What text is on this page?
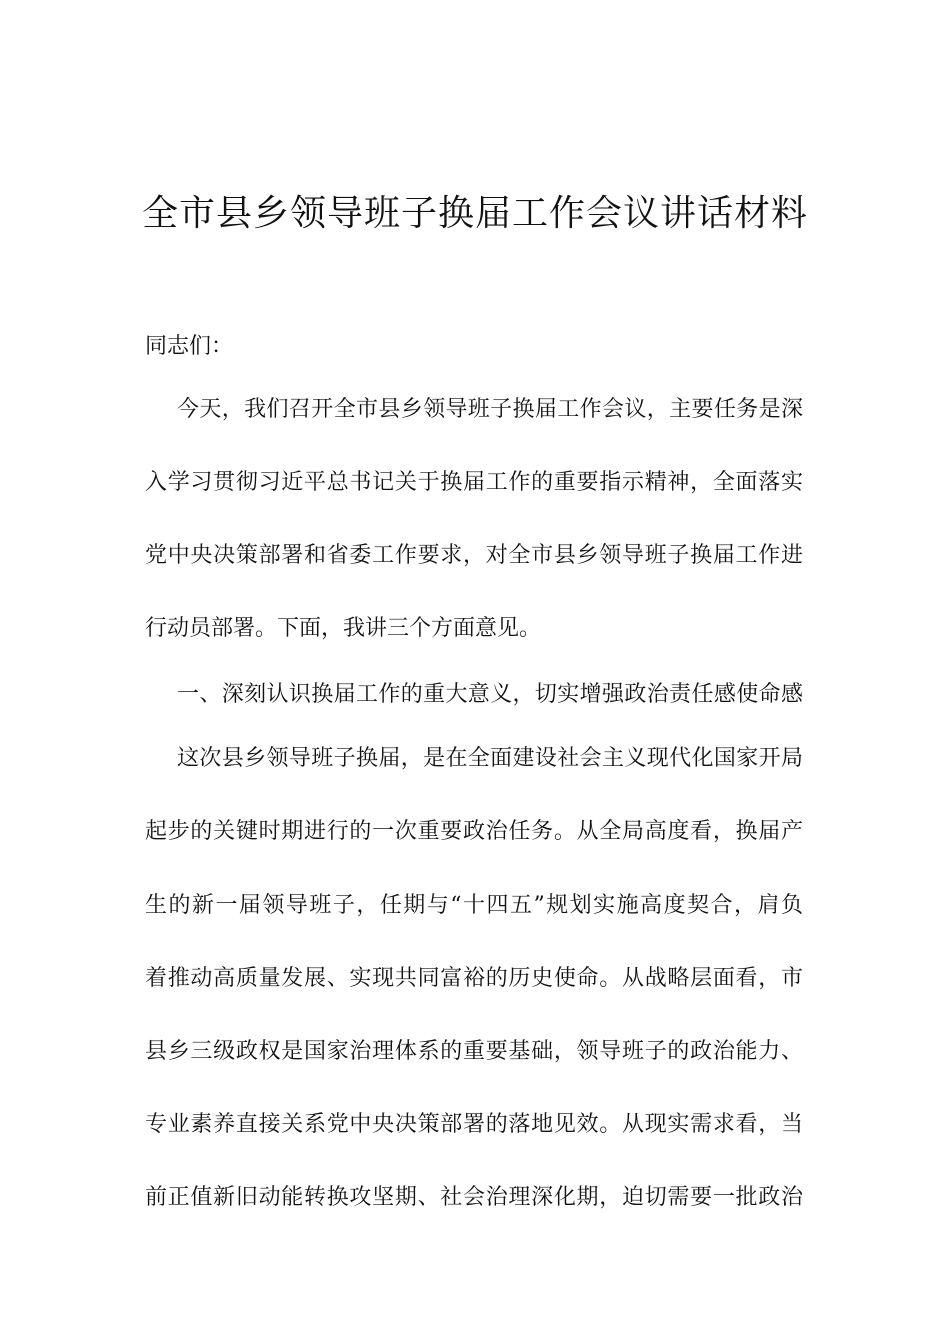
全市县乡领导班子换届工作会议讲话材料
同志们：
今天，我们召开全市县乡领导班子换届工作会议，主要任务是深
入学习贯彻习近平总书记关于换届工作的重要指示精神，全面落实
党中央决策部署和省委工作要求，对全市县乡领导班子换届工作进
行动员部署。下面，我讲三个方面意见。
一、深刻认识换届工作的重大意义，切实增强政治责任感使命感
这次县乡领导班子换届，是在全面建设社会主义现代化国家开局
起步的关键时期进行的一次重要政治任务。从全局高度看，换届产
生的新一届领导班子，任期与“十四五”规划实施高度契合，肩负
着推动高质量发展、实现共同富裕的历史使命。从战略层面看，市
县乡三级政权是国家治理体系的重要基础，领导班子的政治能力、
专业素养直接关系党中央决策部署的落地见效。从现实需求看，当
前正值新旧动能转换攻坚期、社会治理深化期，迫切需要一批政治
